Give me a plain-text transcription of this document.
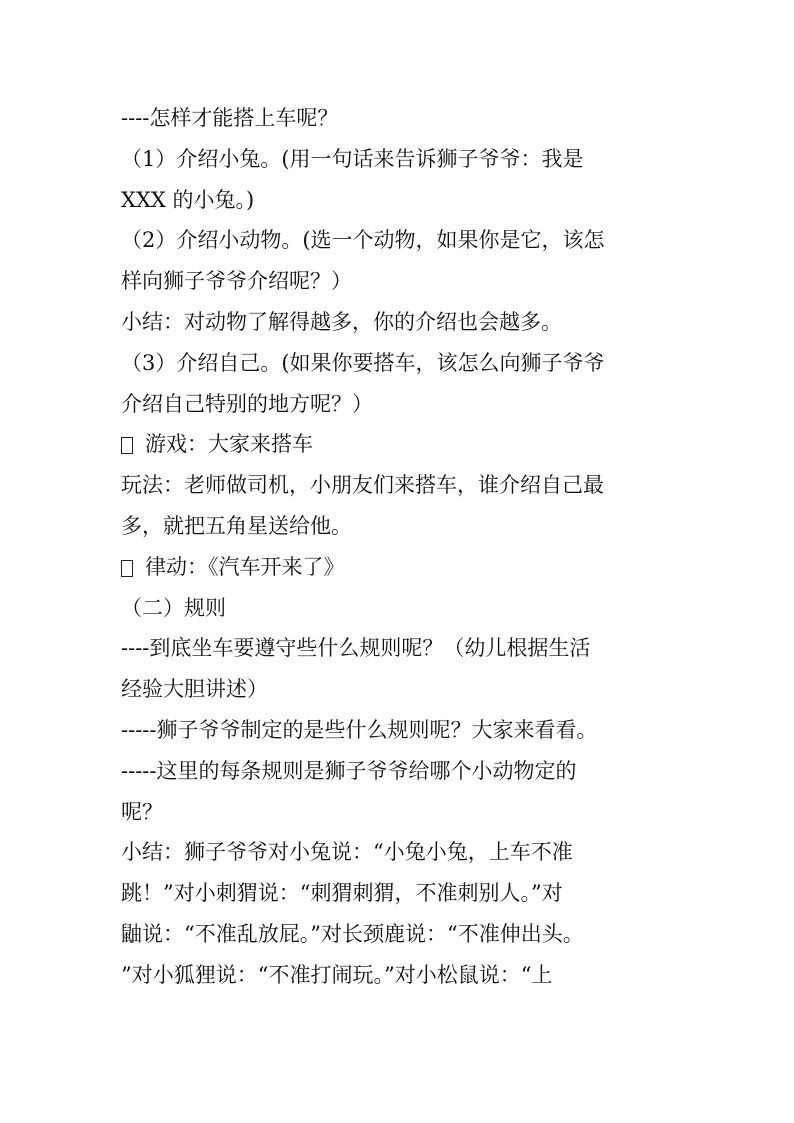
----怎样才能搭上车呢？
（1）介绍小兔。(用一句话来告诉狮子爷爷：我是
XXX 的小兔。)
（2）介绍小动物。(选一个动物，如果你是它，该怎
样向狮子爷爷介绍呢？）
小结：对动物了解得越多，你的介绍也会越多。
（3）介绍自己。(如果你要搭车，该怎么向狮子爷爷
介绍自己特别的地方呢？）
游戏：大家来搭车
玩法：老师做司机，小朋友们来搭车，谁介绍自己最
多，就把五角星送给他。
律动：《汽车开来了》
（二）规则
----到底坐车要遵守些什么规则呢？（幼儿根据生活
经验大胆讲述）
-----狮子爷爷制定的是些什么规则呢？大家来看看。
-----这里的每条规则是狮子爷爷给哪个小动物定的
呢？
小结：狮子爷爷对小兔说：“小兔小兔，上车不准
跳！”对小刺猬说：“刺猬刺猬，不准刺别人。”对
鼬说：“不准乱放屁。”对长颈鹿说：“不准伸出头。
”对小狐狸说：“不准打闹玩。”对小松鼠说：“上
